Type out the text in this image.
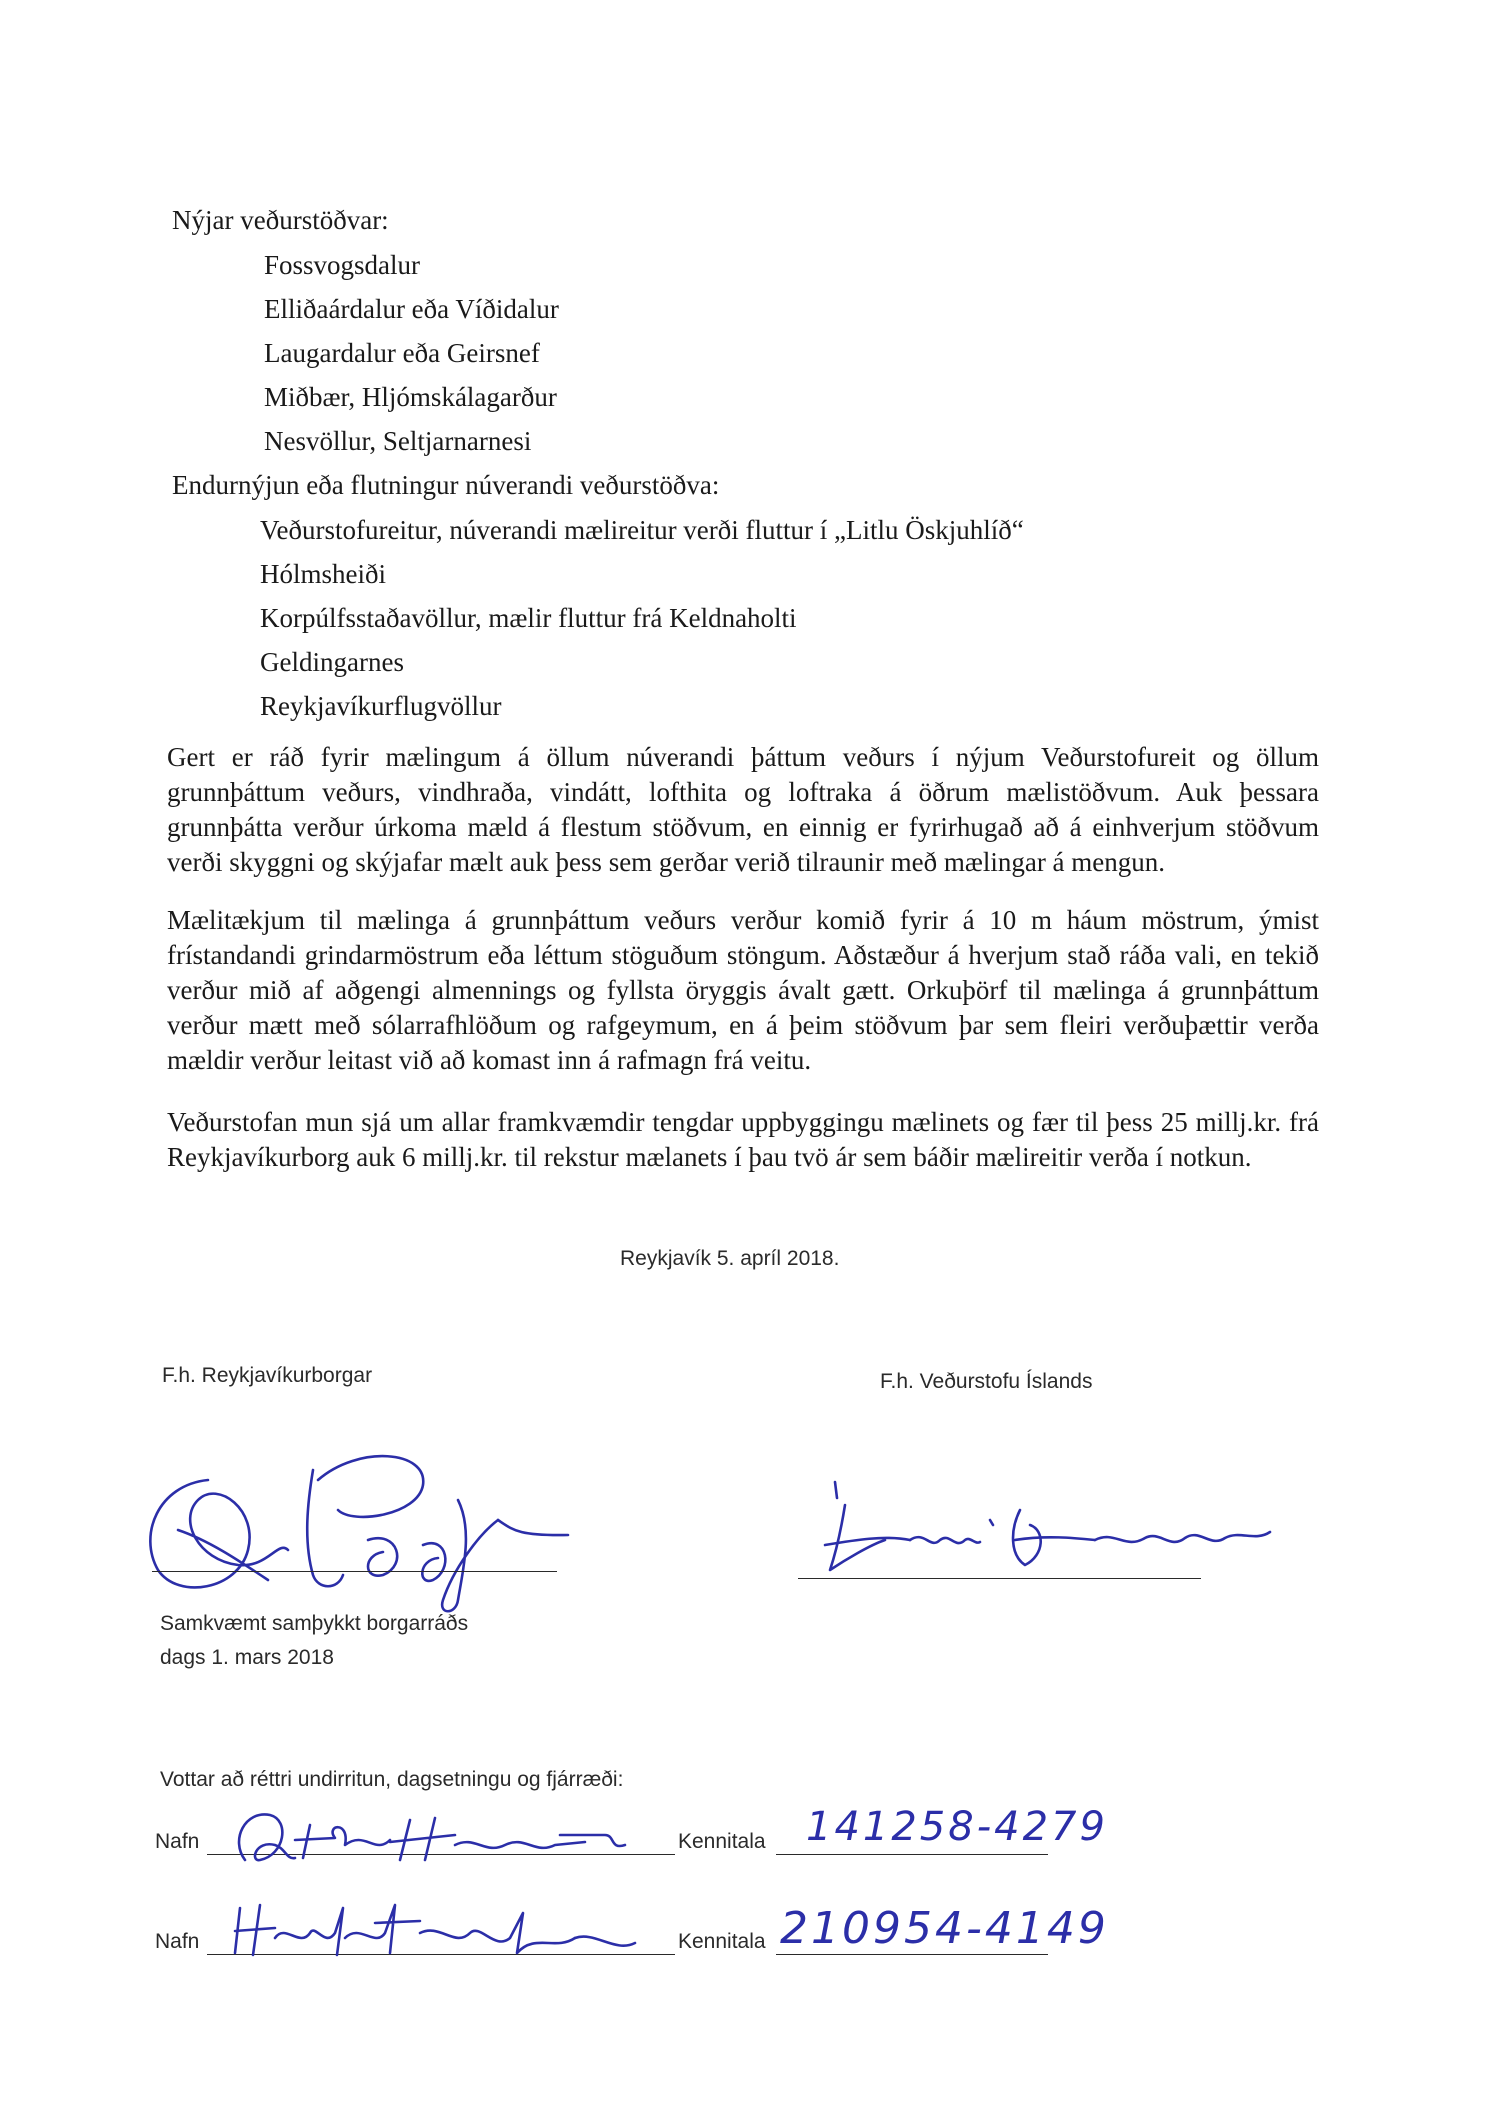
Nýjar veðurstöðvar:
Fossvogsdalur
Elliðaárdalur eða Víðidalur
Laugardalur eða Geirsnef
Miðbær, Hljómskálagarður
Nesvöllur, Seltjarnarnesi
Endurnýjun eða flutningur núverandi veðurstöðva:
Veðurstofureitur, núverandi mælireitur verði fluttur í „Litlu Öskjuhlíð“
Hólmsheiði
Korpúlfsstaðavöllur, mælir fluttur frá Keldnaholti
Geldingarnes
Reykjavíkurflugvöllur
Gert er ráð fyrir mælingum á öllum núverandi þáttum veðurs í nýjum Veðurstofureit og öllum grunnþáttum veðurs, vindhraða, vindátt, lofthita og loftraka á öðrum mælistöðvum. Auk þessara grunnþátta verður úrkoma mæld á flestum stöðvum, en einnig er fyrirhugað að á einhverjum stöðvum verði skyggni og skýjafar mælt auk þess sem gerðar verið tilraunir með mælingar á mengun.
Mælitækjum til mælinga á grunnþáttum veðurs verður komið fyrir á 10 m háum möstrum, ýmist frístandandi grindarmöstrum eða léttum stöguðum stöngum. Aðstæður á hverjum stað ráða vali, en tekið verður mið af aðgengi almennings og fyllsta öryggis ávalt gætt. Orkuþörf til mælinga á grunnþáttum verður mætt með sólarrafhlöðum og rafgeymum, en á þeim stöðvum þar sem fleiri verðuþættir verða mældir verður leitast við að komast inn á rafmagn frá veitu.
Veðurstofan mun sjá um allar framkvæmdir tengdar uppbyggingu mælinets og fær til þess 25 millj.kr. frá Reykjavíkurborg auk 6 millj.kr. til rekstur mælanets í þau tvö ár sem báðir mælireitir verða í notkun.
Reykjavík 5. apríl 2018.
F.h. Reykjavíkurborgar	F.h. Veðurstofu Íslands
Samkvæmt samþykkt borgarráðs
dags 1. mars 2018
Vottar að réttri undirritun, dagsetningu og fjárræði:
Nafn	Kennitala 141258-4279
Nafn	Kennitala 210954-4149
